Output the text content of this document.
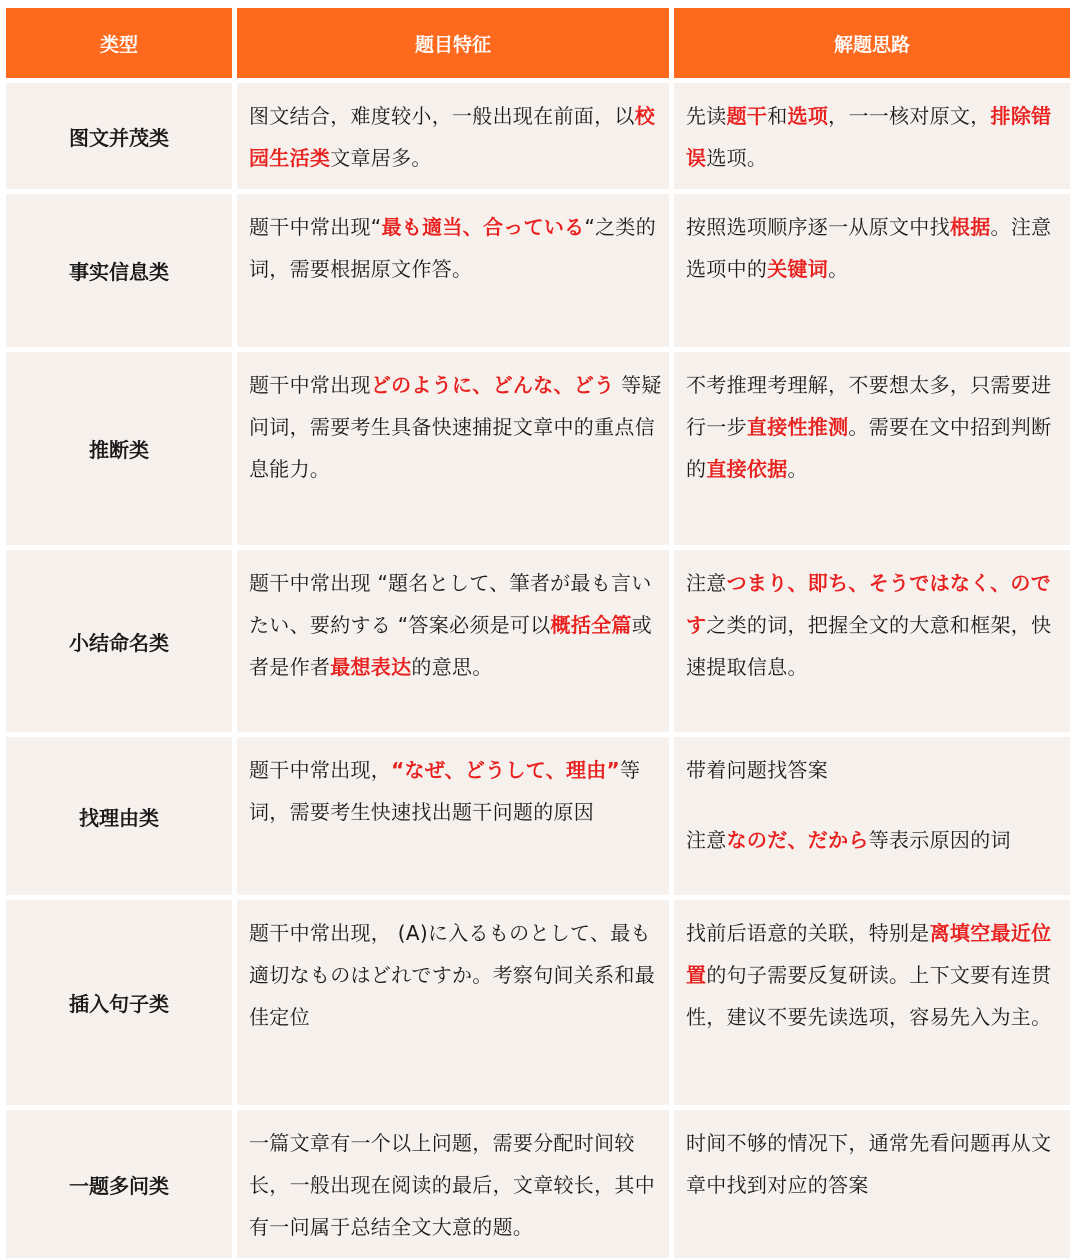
类型	题目特征	解题思路
图文并茂类
图文结合，难度较小，一般出现在前面，以校园生活类文章居多。
先读题干和选项，一一核对原文，排除错误选项。
事实信息类
题干中常出现“最も適当、合っている“之类的词，需要根据原文作答。
按照选项顺序逐一从原文中找根据。注意选项中的关键词。
推断类
题干中常出现どのように、どんな、どう 等疑问词，需要考生具备快速捕捉文章中的重点信息能力。
不考推理考理解，不要想太多，只需要进行一步直接性推测。需要在文中招到判断的直接依据。
小结命名类
题干中常出现 “題名として、筆者が最も言いたい、要約する “答案必须是可以概括全篇或者是作者最想表达的意思。
注意つまり、即ち、そうではなく、のです之类的词，把握全文的大意和框架，快速提取信息。
找理由类
题干中常出现，“なぜ、どうして、理由”等词，需要考生快速找出题干问题的原因
带着问题找答案
注意なのだ、だから等表示原因的词
插入句子类
题干中常出现， (A)に入るものとして、最も適切なものはどれですか。考察句间关系和最佳定位
找前后语意的关联，特别是离填空最近位置的句子需要反复研读。上下文要有连贯性，建议不要先读选项，容易先入为主。
一题多问类
一篇文章有一个以上问题，需要分配时间较长，一般出现在阅读的最后，文章较长，其中有一问属于总结全文大意的题。
时间不够的情况下，通常先看问题再从文章中找到对应的答案
